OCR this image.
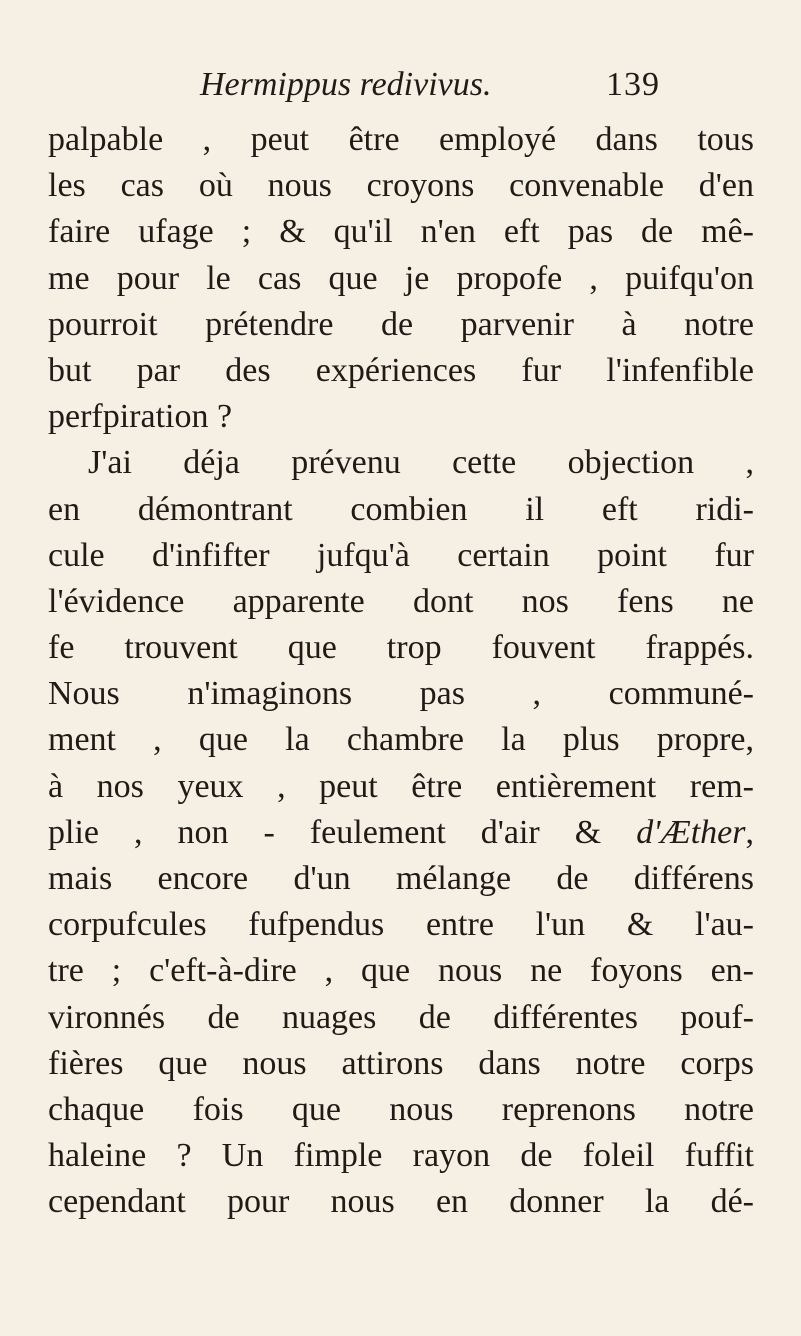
Hermippus redivivus.	139
palpable , peut être employé dans tous
les cas où nous croyons convenable d'en
faire ufage ; & qu'il n'en eft pas de mê-
me pour le cas que je propofe , puifqu'on
pourroit prétendre de parvenir à notre
but par des expériences fur l'infenfible
perfpiration ?
J'ai déja prévenu cette objection ,
en démontrant combien il eft ridi-
cule d'infifter jufqu'à certain point fur
l'évidence apparente dont nos fens ne
fe trouvent que trop fouvent frappés.
Nous n'imaginons pas , communé-
ment , que la chambre la plus propre,
à nos yeux , peut être entièrement rem-
plie , non - feulement d'air & d'Æther,
mais encore d'un mélange de différens
corpufcules fufpendus entre l'un & l'au-
tre ; c'eft-à-dire , que nous ne foyons en-
vironnés de nuages de différentes pouf-
fières que nous attirons dans notre corps
chaque fois que nous reprenons notre
haleine ? Un fimple rayon de foleil fuffit
cependant pour nous en donner la dé-
